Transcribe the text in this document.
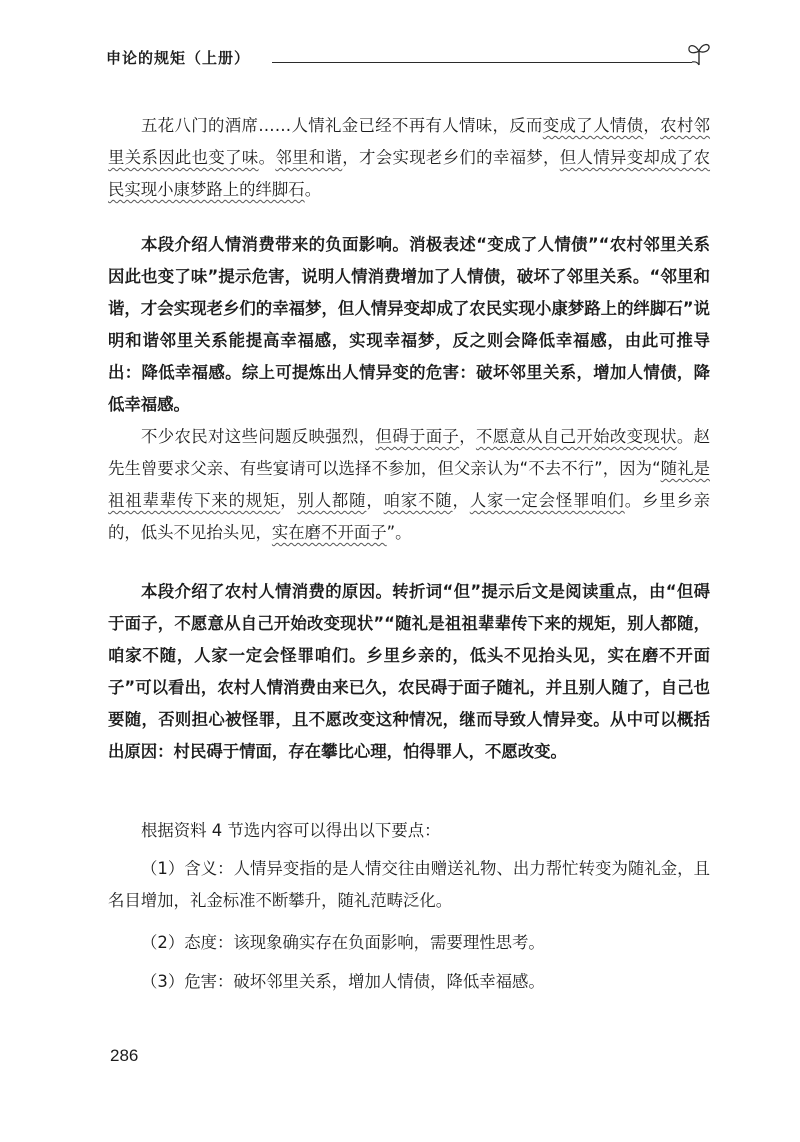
申论的规矩（上册）

五花八门的酒席……人情礼金已经不再有人情味，反而变成了人情债，农村邻里关系因此也变了味。邻里和谐，才会实现老乡们的幸福梦，但人情异变却成了农民实现小康梦路上的绊脚石。

本段介绍人情消费带来的负面影响。消极表述“变成了人情债”“农村邻里关系因此也变了味”提示危害，说明人情消费增加了人情债，破坏了邻里关系。“邻里和谐，才会实现老乡们的幸福梦，但人情异变却成了农民实现小康梦路上的绊脚石”说明和谐邻里关系能提高幸福感，实现幸福梦，反之则会降低幸福感，由此可推导出：降低幸福感。综上可提炼出人情异变的危害：破坏邻里关系，增加人情债，降低幸福感。

不少农民对这些问题反映强烈，但碍于面子，不愿意从自己开始改变现状。赵先生曾要求父亲、有些宴请可以选择不参加，但父亲认为“不去不行”，因为“随礼是祖祖辈辈传下来的规矩，别人都随，咱家不随，人家一定会怪罪咱们。乡里乡亲的，低头不见抬头见，实在磨不开面子”。

本段介绍了农村人情消费的原因。转折词“但”提示后文是阅读重点，由“但碍于面子，不愿意从自己开始改变现状”“随礼是祖祖辈辈传下来的规矩，别人都随，咱家不随，人家一定会怪罪咱们。乡里乡亲的，低头不见抬头见，实在磨不开面子”可以看出，农村人情消费由来已久，农民碍于面子随礼，并且别人随了，自己也要随，否则担心被怪罪，且不愿改变这种情况，继而导致人情异变。从中可以概括出原因：村民碍于情面，存在攀比心理，怕得罪人，不愿改变。

根据资料 4 节选内容可以得出以下要点：

（1）含义：人情异变指的是人情交往由赠送礼物、出力帮忙转变为随礼金，且名目增加，礼金标准不断攀升，随礼范畴泛化。

（2）态度：该现象确实存在负面影响，需要理性思考。

（3）危害：破坏邻里关系，增加人情债，降低幸福感。

286
